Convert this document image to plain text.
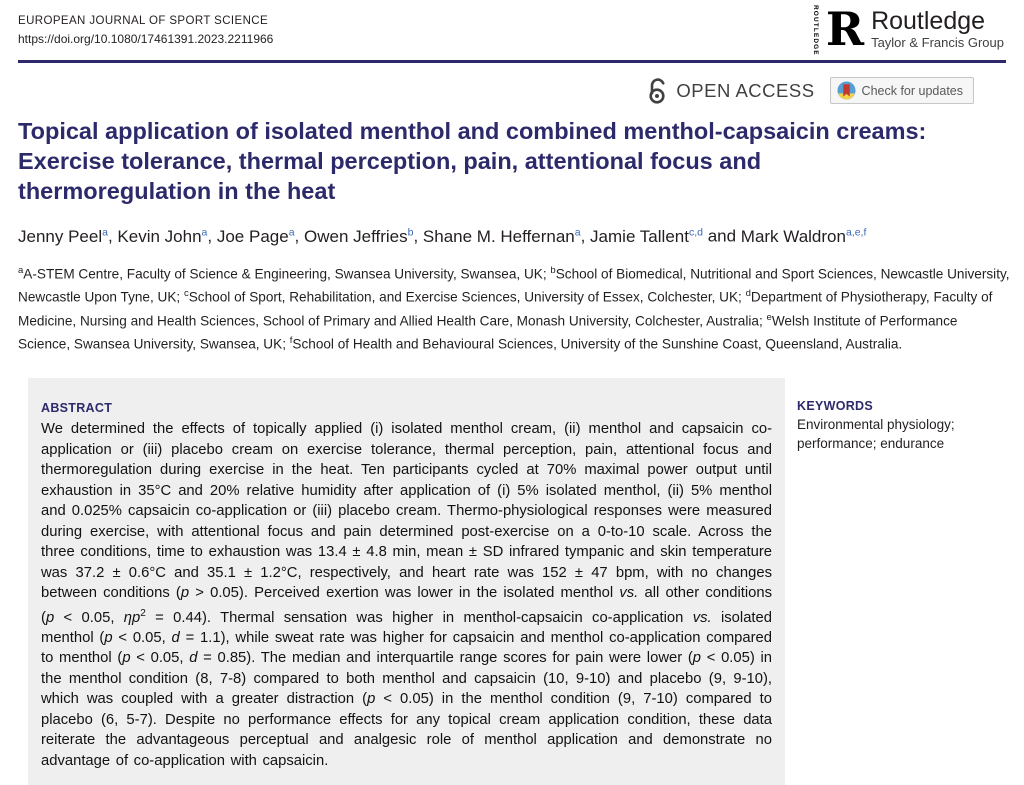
EUROPEAN JOURNAL OF SPORT SCIENCE
https://doi.org/10.1080/17461391.2023.2211966	ROUTLEDGE R Routledge
Taylor & Francis Group
OPEN ACCESS	Check for updates
Topical application of isolated menthol and combined menthol-capsaicin creams: Exercise tolerance, thermal perception, pain, attentional focus and thermoregulation in the heat
Jenny Peel$^a$, Kevin John$^a$, Joe Page$^a$, Owen Jeffries$^b$, Shane M. Heffernan$^a$, Jamie Tallent$^{c,d}$ and Mark Waldron$^{a,e,f}$

$^a$A-STEM Centre, Faculty of Science & Engineering, Swansea University, Swansea, UK; $^b$School of Biomedical, Nutritional and Sport Sciences, Newcastle University, Newcastle Upon Tyne, UK; $^c$School of Sport, Rehabilitation, and Exercise Sciences, University of Essex, Colchester, UK; $^d$Department of Physiotherapy, Faculty of Medicine, Nursing and Health Sciences, School of Primary and Allied Health Care, Monash University, Colchester, Australia; $^e$Welsh Institute of Performance Science, Swansea University, Swansea, UK; $^f$School of Health and Behavioural Sciences, University of the Sunshine Coast, Queensland, Australia.

ABSTRACT

We determined the effects of topically applied (i) isolated menthol cream, (ii) menthol and capsaicin co-application or (iii) placebo cream on exercise tolerance, thermal perception, pain, attentional focus and thermoregulation during exercise in the heat. Ten participants cycled at 70% maximal power output until exhaustion in 35°C and 20% relative humidity after application of (i) 5% isolated menthol, (ii) 5% menthol and 0.025% capsaicin co-application or (iii) placebo cream. Thermo-physiological responses were measured during exercise, with attentional focus and pain determined post-exercise on a 0-to-10 scale. Across the three conditions, time to exhaustion was 13.4 ± 4.8 min, mean ± SD infrared tympanic and skin temperature was 37.2 ± 0.6°C and 35.1 ± 1.2°C, respectively, and heart rate was 152 ± 47 bpm, with no changes between conditions (p > 0.05). Perceived exertion was lower in the isolated menthol vs. all other conditions (p < 0.05, $\eta p^2 = 0.44$). Thermal sensation was higher in menthol-capsaicin co-application vs. isolated menthol (p < 0.05, d = 1.1), while sweat rate was higher for capsaicin and menthol co-application compared to menthol (p < 0.05, d = 0.85). The median and interquartile range scores for pain were lower (p < 0.05) in the menthol condition (8, 7-8) compared to both menthol and capsaicin (10, 9-10) and placebo (9, 9-10), which was coupled with a greater distraction (p < 0.05) in the menthol condition (9, 7-10) compared to placebo (6, 5-7). Despite no performance effects for any topical cream application condition, these data reiterate the advantageous perceptual and analgesic role of menthol application and demonstrate no advantage of co-application with capsaicin.

KEYWORDS

Environmental physiology; performance; endurance
